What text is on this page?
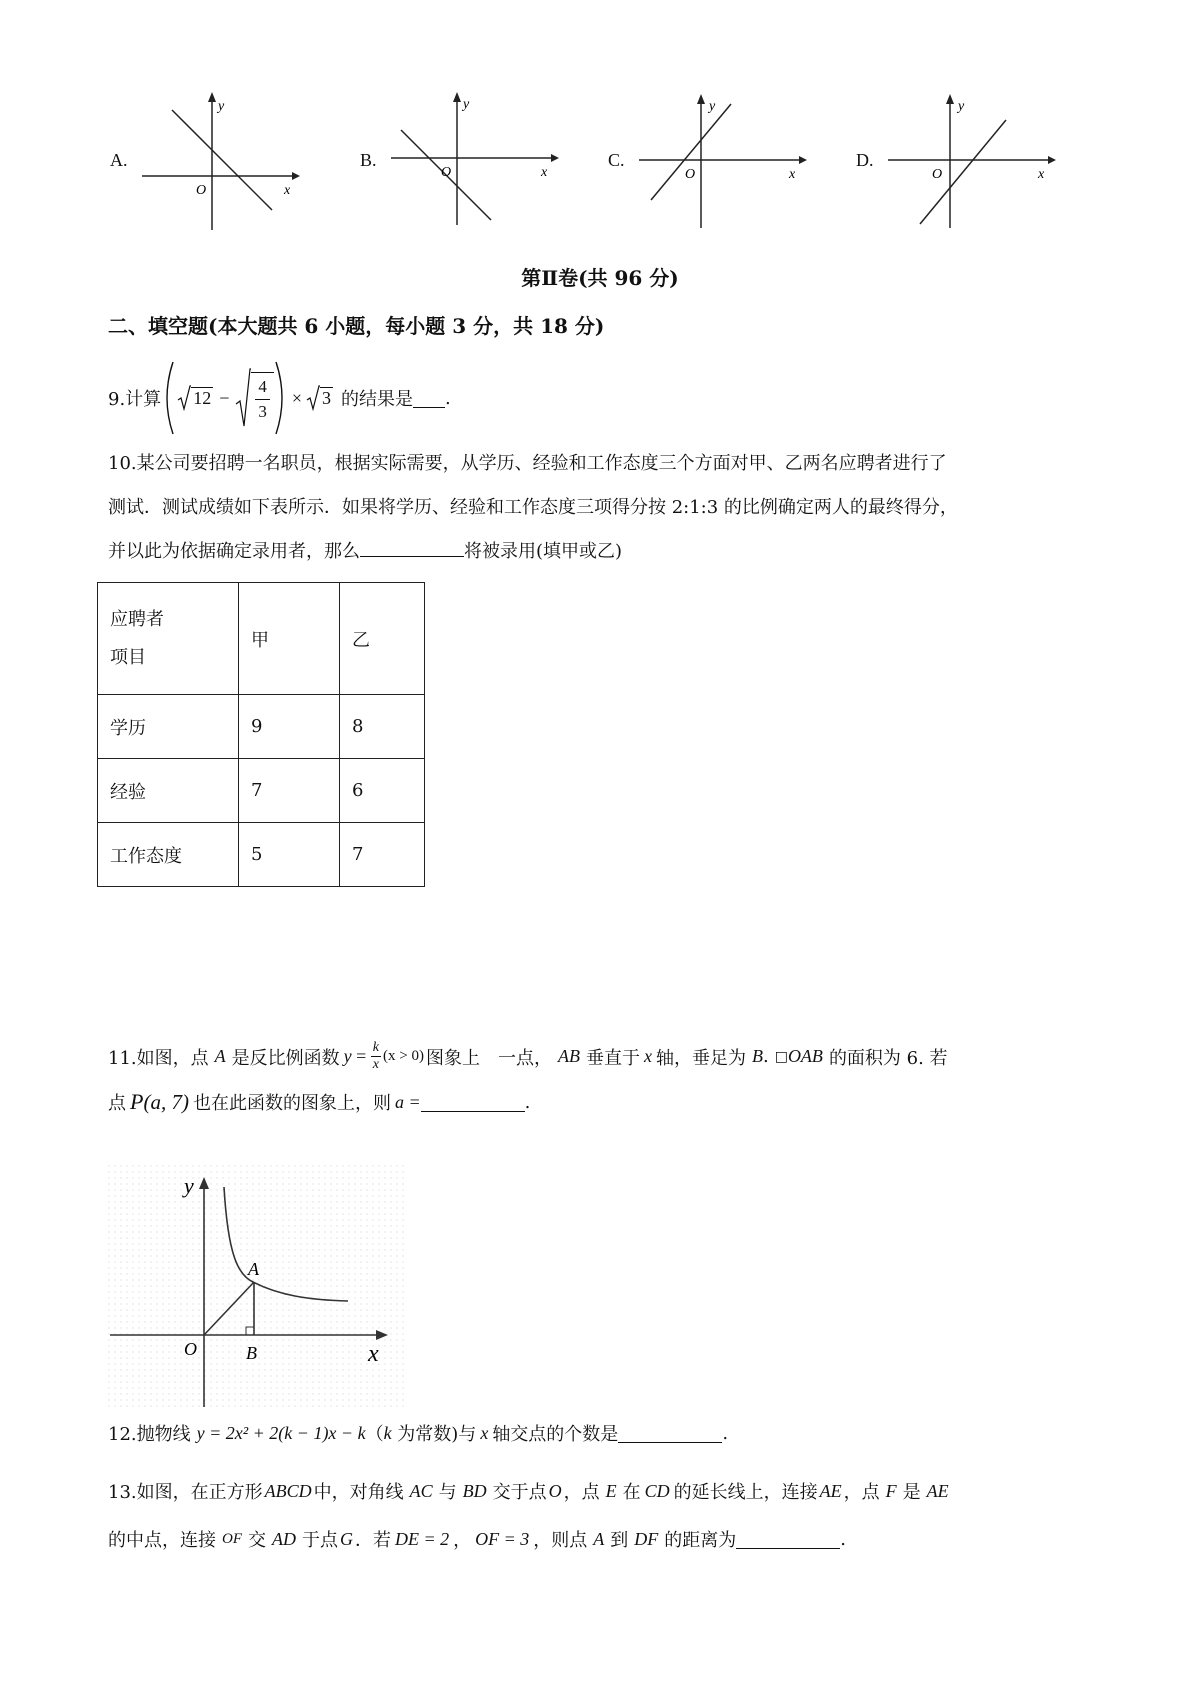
A.
y
x
O
B.
y
x
O
C.
y
x
O
D.
y
x
O
第Ⅱ卷(共 96 分)
二、填空题(本大题共 6 小题，每小题 3 分，共 18 分)
9.计算 $12 - \frac{4}{3} \times 3$ 的结果是 .
10.某公司要招聘一名职员，根据实际需要，从学历、经验和工作态度三个方面对甲、乙两名应聘者进行了
测试．测试成绩如下表所示．如果将学历、经验和工作态度三项得分按 2:1:3 的比例确定两人的最终得分，
并以此为依据确定录用者，那么	将被录用(填甲或乙)
应聘者
项目	甲	乙
学历	9	8
经验	7	6
工作态度	5	7
11.如图，点 A 是反比例函数 $y = \frac{k}{x} (x > 0)$ 图象上　一点， AB 垂直于 x 轴，垂足为 B . □ OAB 的面积为 6. 若
点 P (a, 7) 也在此函数的图象上，则 a =	.
y
x
O
A
B
12.抛物线 y = 2x² + 2(k − 1)x − k （ k 为常数)与 x 轴交点的个数是	.
13.如图，在正方形 ABCD 中，对角线 AC 与 BD 交于点 O ，点 E 在 CD 的延长线上，连接 AE ，点 F 是 AE
的中点，连接 OF 交 AD 于点 G ．若 DE = 2 ， OF = 3 ，则点 A 到 DF 的距离为	.
